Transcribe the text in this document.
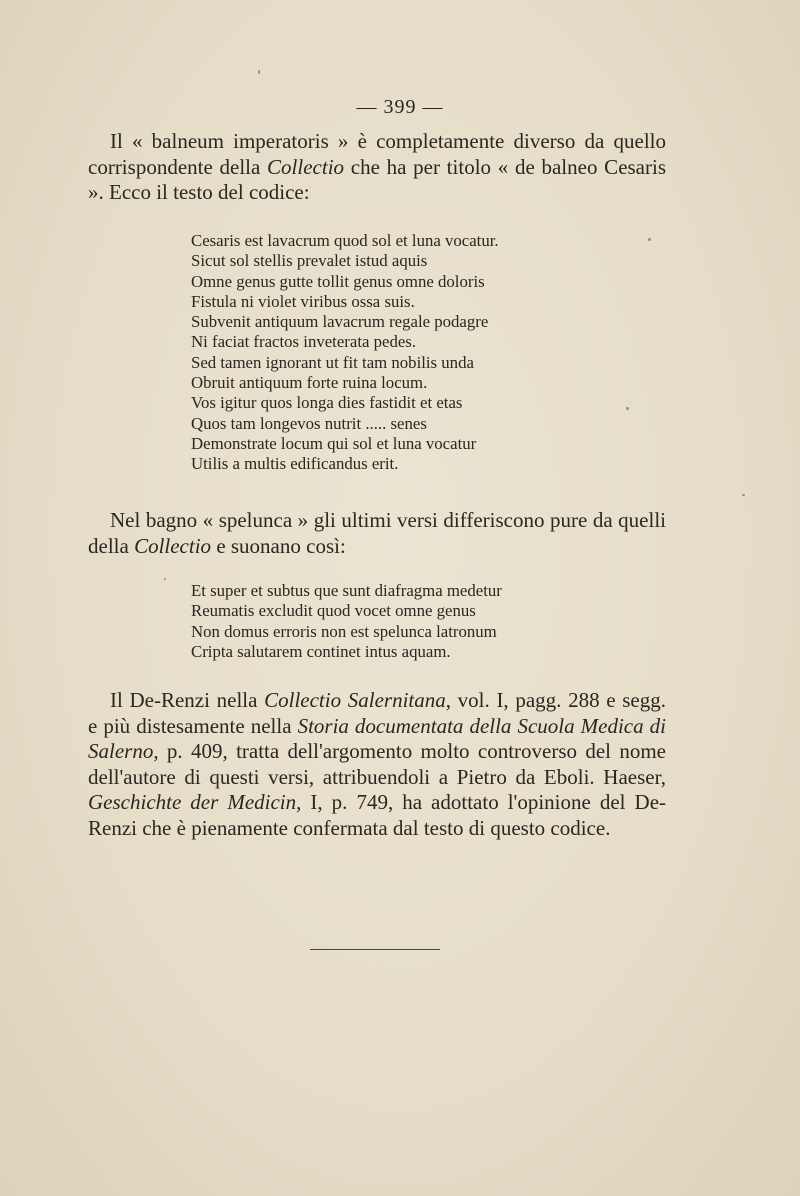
— 399 —

Il « balneum imperatoris » è completamente diverso da quello corrispondente della Collectio che ha per titolo « de balneo Cesaris ». Ecco il testo del codice:

Cesaris est lavacrum quod sol et luna vocatur.
Sicut sol stellis prevalet istud aquis
Omne genus gutte tollit genus omne doloris
Fistula ni violet viribus ossa suis.
Subvenit antiquum lavacrum regale podagre
Ni faciat fractos inveterata pedes.
Sed tamen ignorant ut fit tam nobilis unda
Obruit antiquum forte ruina locum.
Vos igitur quos longa dies fastidit et etas
Quos tam longevos nutrit ..... senes
Demonstrate locum qui sol et luna vocatur
Utilis a multis edificandus erit.

Nel bagno « spelunca » gli ultimi versi differiscono pure da quelli della Collectio e suonano così:

Et super et subtus que sunt diafragma medetur
Reumatis excludit quod vocet omne genus
Non domus erroris non est spelunca latronum
Cripta salutarem continet intus aquam.

Il De-Renzi nella Collectio Salernitana, vol. I, pagg. 288 e segg. e più distesamente nella Storia documentata della Scuola Medica di Salerno, p. 409, tratta dell'argomento molto controverso del nome dell'autore di questi versi, attribuendoli a Pietro da Eboli. Haeser, Geschichte der Medicin, I, p. 749, ha adottato l'opinione del De-Renzi che è pienamente confermata dal testo di questo codice.
